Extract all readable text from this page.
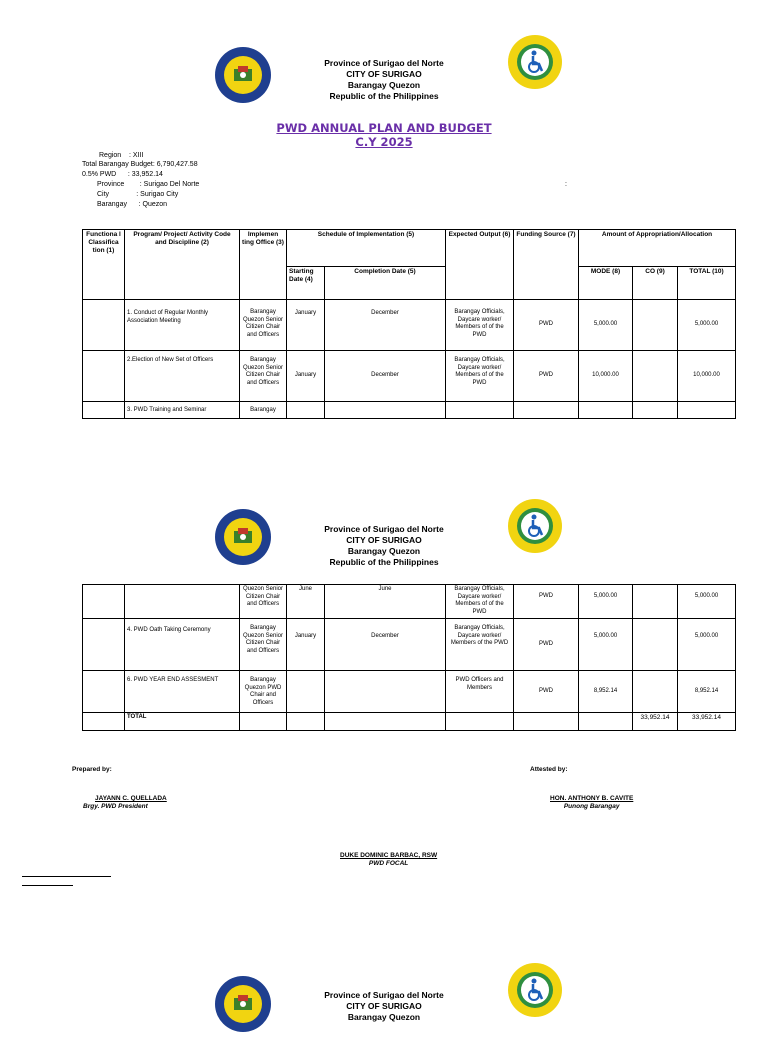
Province of Surigao del Norte
CITY OF SURIGAO
Barangay Quezon
Republic of the Philippines
PWD ANNUAL PLAN AND BUDGET
C.Y 2025
Region    : XIII
Total Barangay Budget: 6,790,427.58
0.5% PWD      : 33,952.14
Province        : Surigao Del Norte
City              : Surigao City
Barangay      : Quezon
:
Functiona l Classifica tion (1)	Program/ Project/ Activity Code and Discipline (2)	Implemen ting Office (3)	Schedule of Implementation (5)		Expected Output (6)	Funding Source (7)	Amount of Appropriation/Allocation		
			Starting Date (4)	Completion Date (5)			MODE (8)	CO (9)	TOTAL (10)
	1. Conduct of Regular Monthly Association Meeting	Barangay Quezon Senior Citizen Chair and Officers	January	December	Barangay Officials, Daycare worker/ Members of of the PWD	PWD	5,000.00		5,000.00
	2.Election of New Set of Officers	Barangay Quezon Senior Citizen Chair and Officers	January	December	Barangay Officials, Daycare worker/ Members of of the PWD	PWD	10,000.00		10,000.00
	3. PWD Training and Seminar	Barangay							
Province of Surigao del Norte
CITY OF SURIGAO
Barangay Quezon
Republic of the Philippines
		Quezon Senior Citizen Chair and Officers	June	June	Barangay Officials, Daycare worker/ Members of of the PWD	PWD	5,000.00		5,000.00
	4. PWD Oath Taking Ceremony	Barangay Quezon Senior Citizen Chair and Officers	January	December	Barangay Officials, Daycare worker/ Members of the PWD	PWD	5,000.00		5,000.00
	6. PWD YEAR END ASSESMENT	Barangay Quezon PWD Chair and Officers			PWD Officers and Members	PWD	8,952.14		8,952.14
	TOTAL							33,952.14	33,952.14
Prepared by:	Attested by:
JAYANN C. QUELLADA
Brgy. PWD President
HON. ANTHONY B. CAVITE
Punong Barangay
DUKE DOMINIC BARBAC, RSW
PWD FOCAL
Province of Surigao del Norte
CITY OF SURIGAO
Barangay Quezon
